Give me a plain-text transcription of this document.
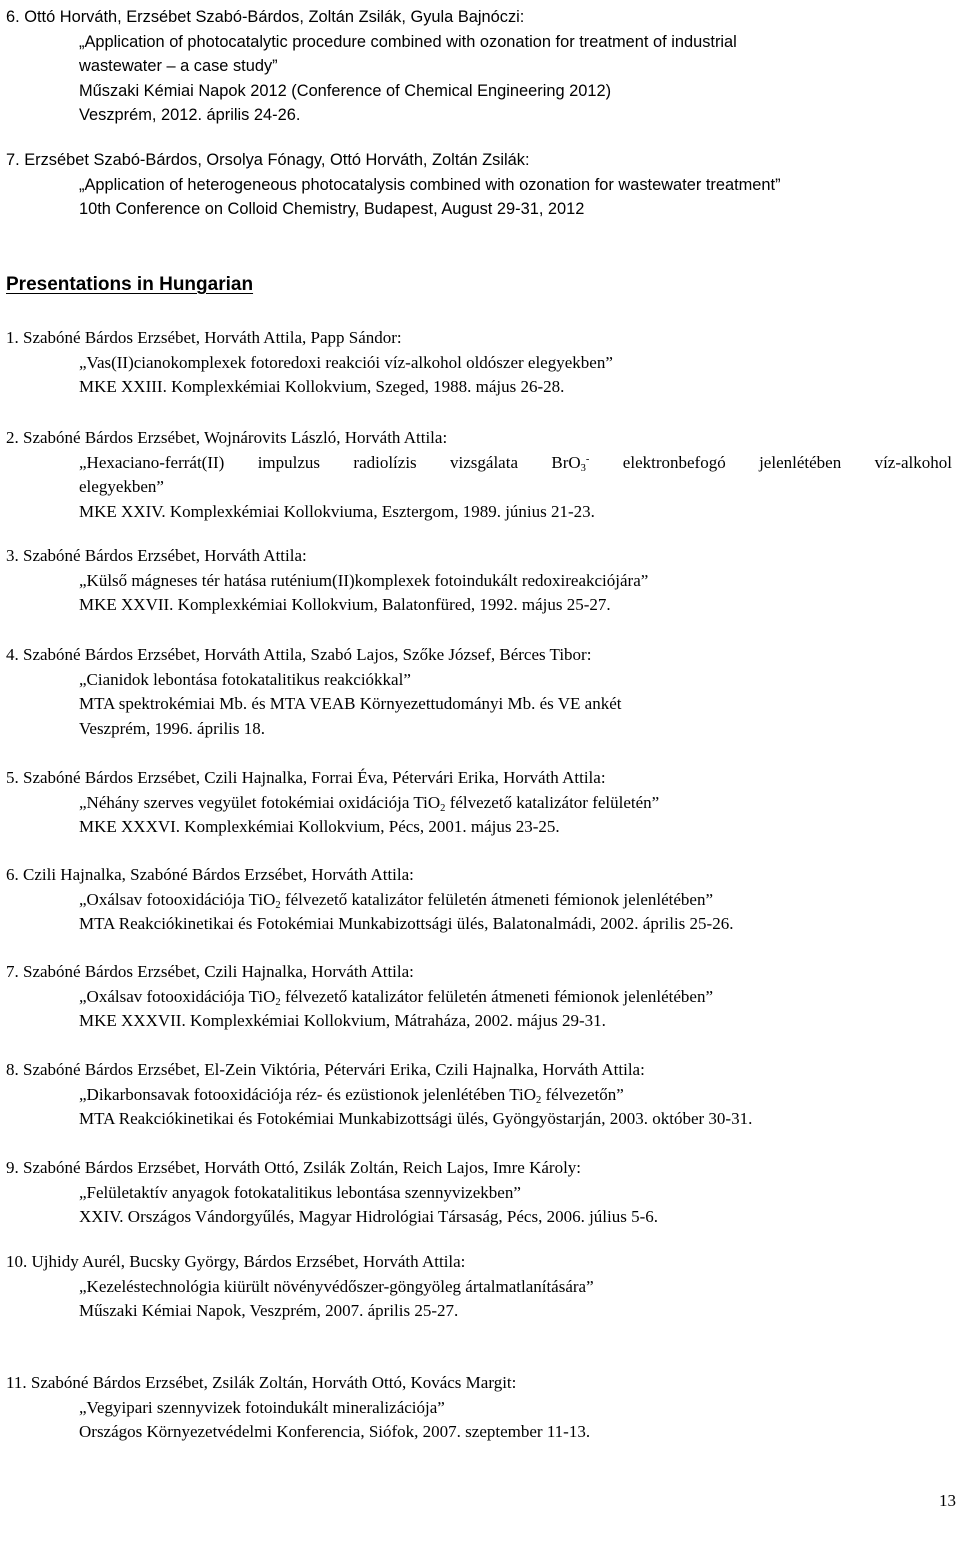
6. Ottó Horváth, Erzsébet Szabó-Bárdos, Zoltán Zsilák, Gyula Bajnóczi:
„Application of photocatalytic procedure combined with ozonation for treatment of industrial
wastewater – a case study”
Műszaki Kémiai Napok 2012 (Conference of Chemical Engineering 2012)
Veszprém, 2012. április 24-26.
7. Erzsébet Szabó-Bárdos, Orsolya Fónagy, Ottó Horváth, Zoltán Zsilák:
„Application of heterogeneous photocatalysis combined with ozonation for wastewater treatment”
10th Conference on Colloid Chemistry, Budapest, August 29-31, 2012
Presentations in Hungarian
1. Szabóné Bárdos Erzsébet, Horváth Attila, Papp Sándor:
„Vas(II)cianokomplexek fotoredoxi reakciói víz-alkohol oldószer elegyekben”
MKE XXIII. Komplexkémiai Kollokvium, Szeged, 1988. május 26-28.
2. Szabóné Bárdos Erzsébet, Wojnárovits László, Horváth Attila:
„Hexaciano-ferrát(II) impulzus radiolízis vizsgálata BrO$_3$- elektronbefogó jelenlétében víz-alkohol
elegyekben”
MKE XXIV. Komplexkémiai Kollokviuma, Esztergom, 1989. június 21-23.
3. Szabóné Bárdos Erzsébet, Horváth Attila:
„Külső mágneses tér hatása ruténium(II)komplexek fotoindukált redoxireakciójára”
MKE XXVII. Komplexkémiai Kollokvium, Balatonfüred, 1992. május 25-27.
4. Szabóné Bárdos Erzsébet, Horváth Attila, Szabó Lajos, Szőke József, Bérces Tibor:
„Cianidok lebontása fotokatalitikus reakciókkal”
MTA spektrokémiai Mb. és MTA VEAB Környezettudományi Mb. és VE ankét
Veszprém, 1996. április 18.
5. Szabóné Bárdos Erzsébet, Czili Hajnalka, Forrai Éva, Pétervári Erika, Horváth Attila:
„Néhány szerves vegyület fotokémiai oxidációja TiO$_2$ félvezető katalizátor felületén”
MKE XXXVI. Komplexkémiai Kollokvium, Pécs, 2001. május 23-25.
6. Czili Hajnalka, Szabóné Bárdos Erzsébet, Horváth Attila:
„Oxálsav fotooxidációja TiO$_2$ félvezető katalizátor felületén átmeneti fémionok jelenlétében”
MTA Reakciókinetikai és Fotokémiai Munkabizottsági ülés, Balatonalmádi, 2002. április 25-26.
7. Szabóné Bárdos Erzsébet, Czili Hajnalka, Horváth Attila:
„Oxálsav fotooxidációja TiO$_2$ félvezető katalizátor felületén átmeneti fémionok jelenlétében”
MKE XXXVII. Komplexkémiai Kollokvium, Mátraháza, 2002. május 29-31.
8. Szabóné Bárdos Erzsébet, El-Zein Viktória, Pétervári Erika, Czili Hajnalka, Horváth Attila:
„Dikarbonsavak fotooxidációja réz- és ezüstionok jelenlétében TiO$_2$ félvezetőn”
MTA Reakciókinetikai és Fotokémiai Munkabizottsági ülés, Gyöngyöstarján, 2003. október 30-31.
9. Szabóné Bárdos Erzsébet, Horváth Ottó, Zsilák Zoltán, Reich Lajos, Imre Károly:
„Felületaktív anyagok fotokatalitikus lebontása szennyvizekben”
XXIV. Országos Vándorgyűlés, Magyar Hidrológiai Társaság, Pécs, 2006. július 5-6.
10. Ujhidy Aurél, Bucsky György, Bárdos Erzsébet, Horváth Attila:
„Kezeléstechnológia kiürült növényvédőszer-göngyöleg ártalmatlanítására”
Műszaki Kémiai Napok, Veszprém, 2007. április 25-27.
11. Szabóné Bárdos Erzsébet, Zsilák Zoltán, Horváth Ottó, Kovács Margit:
„Vegyipari szennyvizek fotoindukált mineralizációja”
Országos Környezetvédelmi Konferencia, Siófok, 2007. szeptember 11-13.
13
